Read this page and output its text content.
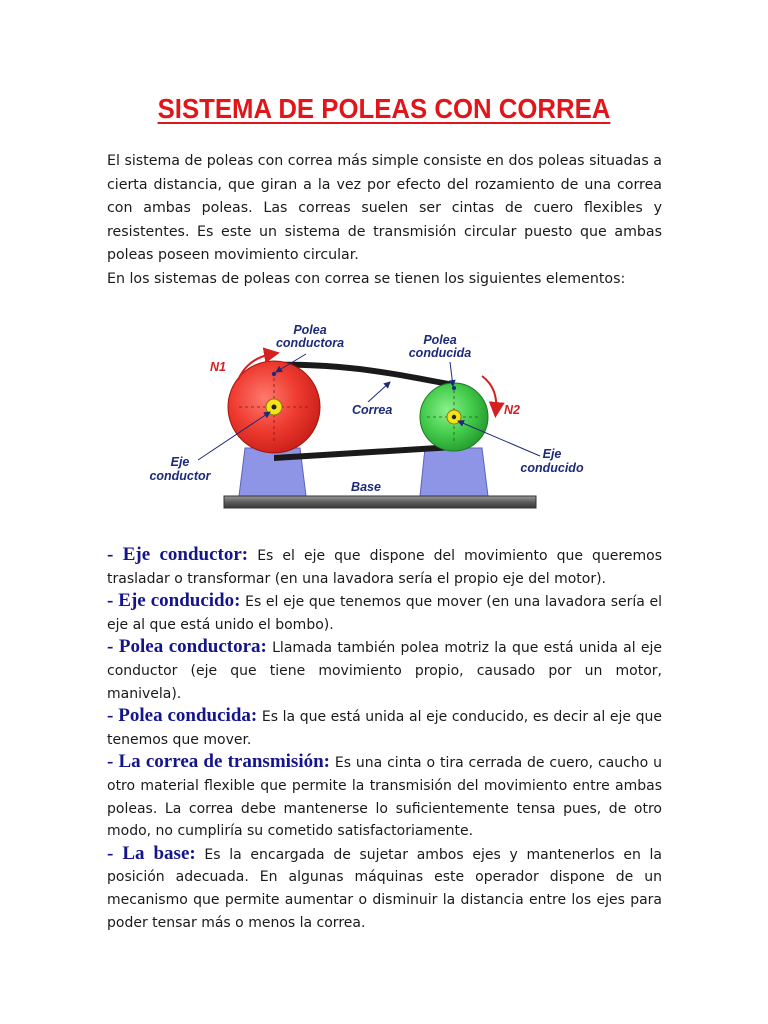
SISTEMA DE POLEAS CON CORREA

El sistema de poleas con correa más simple consiste en dos poleas situadas a cierta distancia, que giran a la vez por efecto del rozamiento de una correa con ambas poleas. Las correas suelen ser cintas de cuero flexibles y resistentes. Es este un sistema de transmisión circular puesto que ambas poleas poseen movimiento circular.

En los sistemas de poleas con correa se tienen los siguientes elementos:

Polea
conductora	Polea
conducida
N1
N2
Correa
Eje
conductor
Eje
conducido
Base

- Eje conductor: Es el eje que dispone del movimiento que queremos trasladar o transformar (en una lavadora sería el propio eje del motor).

- Eje conducido: Es el eje que tenemos que mover (en una lavadora sería el eje al que está unido el bombo).

- Polea conductora: Llamada también polea motriz la que está unida al eje conductor (eje que tiene movimiento propio, causado por un motor, manivela).

- Polea conducida: Es la que está unida al eje conducido, es decir al eje que tenemos que mover.

- La correa de transmisión: Es una cinta o tira cerrada de cuero, caucho u otro material flexible que permite la transmisión del movimiento entre ambas poleas. La correa debe mantenerse lo suficientemente tensa pues, de otro modo, no cumpliría su cometido satisfactoriamente.

- La base: Es la encargada de sujetar ambos ejes y mantenerlos en la posición adecuada. En algunas máquinas este operador dispone de un mecanismo que permite aumentar o disminuir la distancia entre los ejes para poder tensar más o menos la correa.
